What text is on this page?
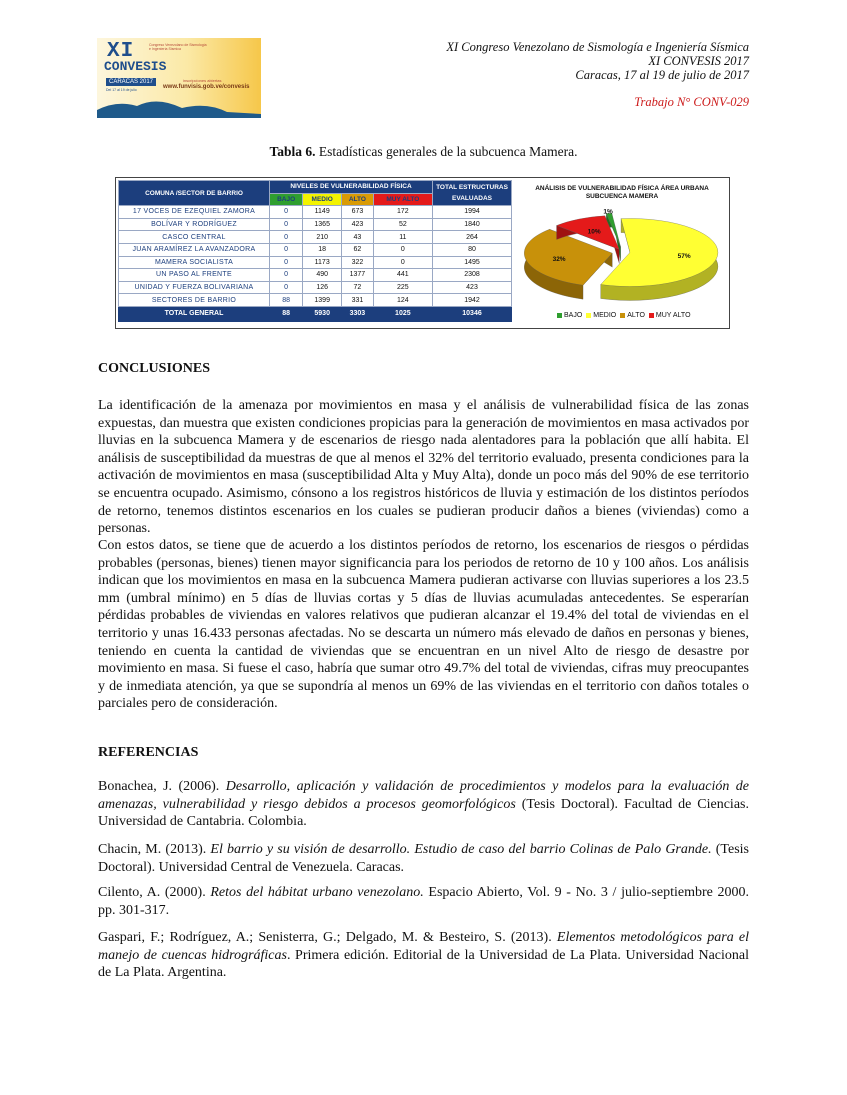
XI
CONVESIS
Congreso Venezolano de Sismología e Ingeniería Sísmica
CARACAS 2017
Del 17 al 19 de julio
inscripciones abiertas
www.funvisis.gob.ve/convesis
XI Congreso Venezolano de Sismología e Ingeniería Sísmica
XI CONVESIS 2017
Caracas, 17 al 19 de julio de 2017
Trabajo N° CONV-029
Tabla 6. Estadísticas generales de la subcuenca Mamera.
COMUNA /SECTOR DE BARRIO	NIVELES DE VULNERABILIDAD FÍSICA				TOTAL ESTRUCTURAS EVALUADAS
	BAJO	MEDIO	ALTO	MUY ALTO	
17 VOCES DE EZEQUIEL ZAMORA	0	1149	673	172	1994
BOLÍVAR Y RODRÍGUEZ	0	1365	423	52	1840
CASCO CENTRAL	0	210	43	11	264
JUAN ARAMÍREZ LA AVANZADORA	0	18	62	0	80
MAMERA SOCIALISTA	0	1173	322	0	1495
UN PASO AL FRENTE	0	490	1377	441	2308
UNIDAD Y FUERZA BOLIVARIANA	0	126	72	225	423
SECTORES DE BARRIO	88	1399	331	124	1942
TOTAL GENERAL	88	5930	3303	1025	10346
ANÁLISIS DE VULNERABILIDAD FÍSICA ÁREA URBANA SUBCUENCA MAMERA
1%
57%
32%
10%
BAJO MEDIO ALTO MUY ALTO
CONCLUSIONES

La identificación de la amenaza por movimientos en masa y el análisis de vulnerabilidad física de las zonas expuestas, dan muestra que existen condiciones propicias para la generación de movimientos en masa activados por lluvias en la subcuenca Mamera y de escenarios de riesgo nada alentadores para la población que allí habita. El análisis de susceptibilidad da muestras de que al menos el 32% del territorio evaluado, presenta condiciones para la activación de movimientos en masa (susceptibilidad Alta y Muy Alta), donde un poco más del 90% de ese territorio se encuentra ocupado. Asimismo, cónsono a los registros históricos de lluvia y estimación de los distintos períodos de retorno, tenemos distintos escenarios en los cuales se pudieran producir daños a bienes (viviendas) como a personas.

Con estos datos, se tiene que de acuerdo a los distintos períodos de retorno, los escenarios de riesgos o pérdidas probables (personas, bienes) tienen mayor significancia para los periodos de retorno de 10 y 100 años. Los análisis indican que los movimientos en masa en la subcuenca Mamera pudieran activarse con lluvias superiores a los 23.5 mm (umbral mínimo) en 5 días de lluvias cortas y 5 días de lluvias acumuladas antecedentes. Se esperarían pérdidas probables de viviendas en valores relativos que pudieran alcanzar el 19.4% del total de viviendas en el territorio y unas 16.433 personas afectadas. No se descarta un número más elevado de daños en personas y bienes, teniendo en cuenta la cantidad de viviendas que se encuentran en un nivel Alto de riesgo de desastre por movimiento en masa. Si fuese el caso, habría que sumar otro 49.7% del total de viviendas, cifras muy preocupantes y de inmediata atención, ya que se supondría al menos un 69% de las viviendas en el territorio con daños totales o parciales pero de consideración.

REFERENCIAS

Bonachea, J. (2006). Desarrollo, aplicación y validación de procedimientos y modelos para la evaluación de amenazas, vulnerabilidad y riesgo debidos a procesos geomorfológicos (Tesis Doctoral). Facultad de Ciencias. Universidad de Cantabria. Colombia.

Chacin, M. (2013). El barrio y su visión de desarrollo. Estudio de caso del barrio Colinas de Palo Grande. (Tesis Doctoral). Universidad Central de Venezuela. Caracas.

Cilento, A. (2000). Retos del hábitat urbano venezolano. Espacio Abierto, Vol. 9 - No. 3 / julio-septiembre 2000. pp. 301-317.

Gaspari, F.; Rodríguez, A.; Senisterra, G.; Delgado, M. & Besteiro, S. (2013). Elementos metodológicos para el manejo de cuencas hidrográficas. Primera edición. Editorial de la Universidad de La Plata. Universidad Nacional de La Plata. Argentina.
